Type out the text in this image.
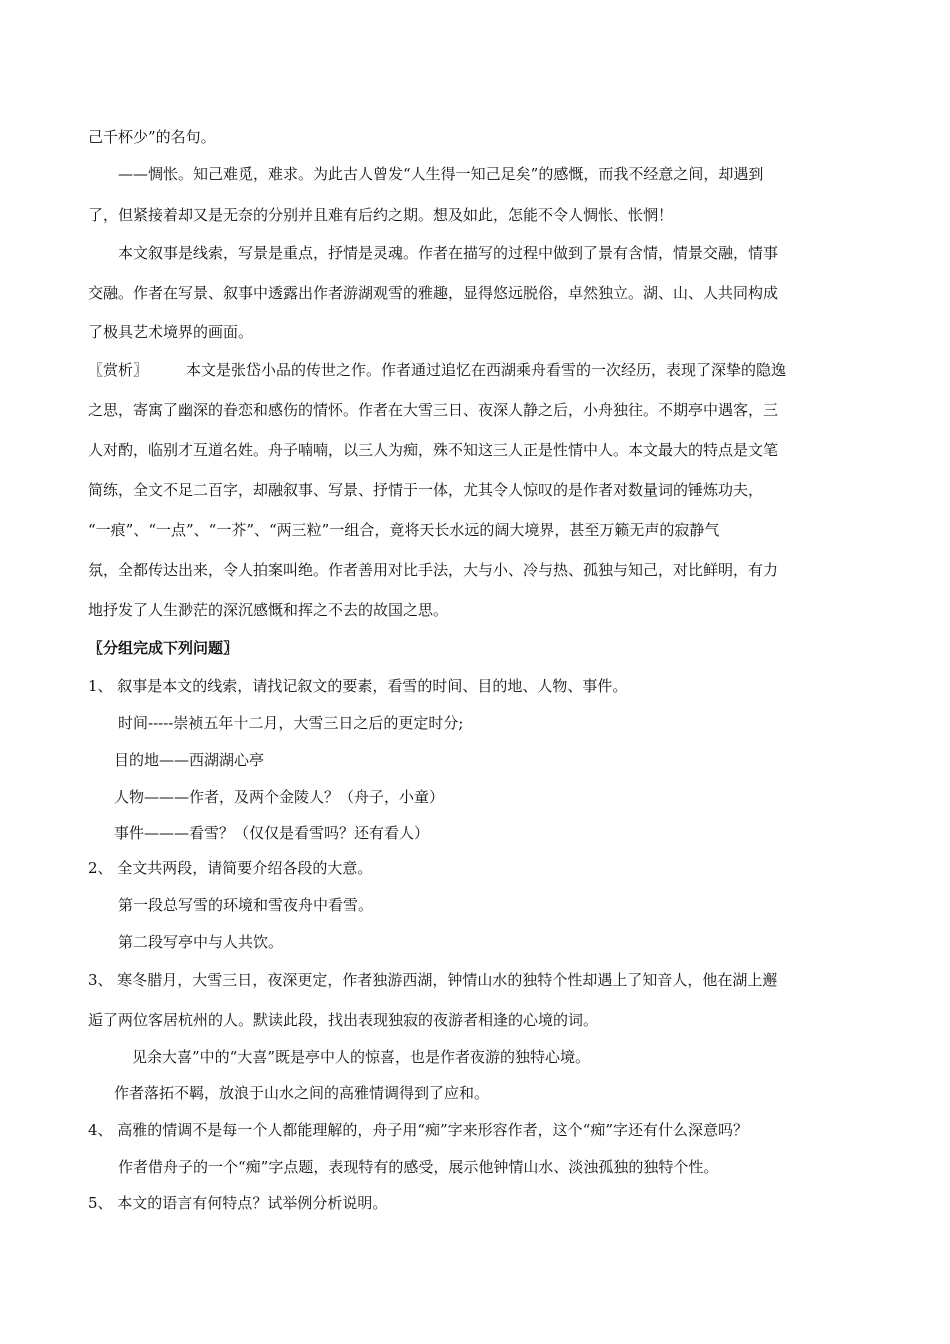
己千杯少”的名句。
——惆怅。知己难觅，难求。为此古人曾发“人生得一知己足矣”的感慨，而我不经意之间，却遇到
了，但紧接着却又是无奈的分别并且难有后约之期。想及如此，怎能不令人惆怅、怅惘！
本文叙事是线索，写景是重点，抒情是灵魂。作者在描写的过程中做到了景有含情，情景交融，情事
交融。作者在写景、叙事中透露出作者游湖观雪的雅趣，显得悠远脱俗，卓然独立。湖、山、人共同构成
了极具艺术境界的画面。
〖赏析〗	本文是张岱小品的传世之作。作者通过追忆在西湖乘舟看雪的一次经历，表现了深挚的隐逸
之思，寄寓了幽深的眷恋和感伤的情怀。作者在大雪三日、夜深人静之后，小舟独往。不期亭中遇客，三
人对酌，临别才互道名姓。舟子喃喃，以三人为痴，殊不知这三人正是性情中人。本文最大的特点是文笔
简练，全文不足二百字，却融叙事、写景、抒情于一体，尤其令人惊叹的是作者对数量词的锤炼功夫，
“一痕”、“一点”、“一芥”、“两三粒”一组合，竟将天长水远的阔大境界，甚至万籁无声的寂静气
氛，全都传达出来，令人拍案叫绝。作者善用对比手法，大与小、冷与热、孤独与知己，对比鲜明，有力
地抒发了人生渺茫的深沉感慨和挥之不去的故国之思。
〖分组完成下列问题〗
1、 叙事是本文的线索，请找记叙文的要素，看雪的时间、目的地、人物、事件。
时间-----崇祯五年十二月，大雪三日之后的更定时分;
目的地——西湖湖心亭
人物———作者，及两个金陵人？（舟子，小童）
事件———看雪？（仅仅是看雪吗？还有看人）
2、 全文共两段，请简要介绍各段的大意。
第一段总写雪的环境和雪夜舟中看雪。
第二段写亭中与人共饮。
3、 寒冬腊月，大雪三日，夜深更定，作者独游西湖，钟情山水的独特个性却遇上了知音人，他在湖上邂
逅了两位客居杭州的人。默读此段，找出表现独寂的夜游者相逢的心境的词。
见余大喜”中的“大喜”既是亭中人的惊喜，也是作者夜游的独特心境。
作者落拓不羁，放浪于山水之间的高雅情调得到了应和。
4、 高雅的情调不是每一个人都能理解的，舟子用“痴”字来形容作者，这个“痴”字还有什么深意吗？
作者借舟子的一个“痴”字点题，表现特有的感受，展示他钟情山水、淡浊孤独的独特个性。
5、 本文的语言有何特点？试举例分析说明。
